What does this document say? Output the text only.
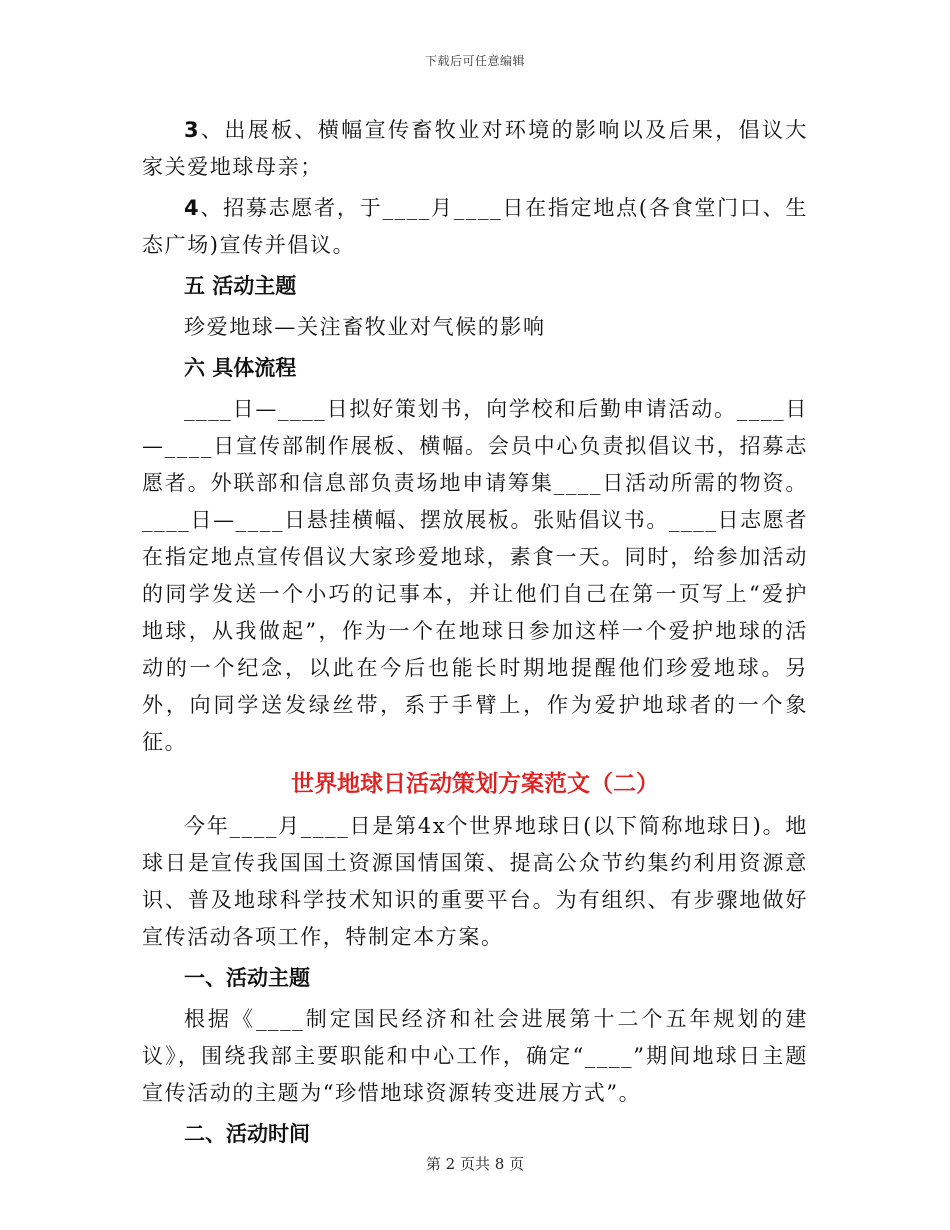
下载后可任意编辑

3、出展板、横幅宣传畜牧业对环境的影响以及后果，倡议大家关爱地球母亲；

4、招募志愿者，于____月____日在指定地点(各食堂门口、生态广场)宣传并倡议。

五 活动主题

珍爱地球—关注畜牧业对气候的影响

六 具体流程

____日—____日拟好策划书，向学校和后勤申请活动。____日—____日宣传部制作展板、横幅。会员中心负责拟倡议书，招募志愿者。外联部和信息部负责场地申请筹集____日活动所需的物资。____日—____日悬挂横幅、摆放展板。张贴倡议书。____日志愿者在指定地点宣传倡议大家珍爱地球，素食一天。同时，给参加活动的同学发送一个小巧的记事本，并让他们自己在第一页写上“爱护地球，从我做起”，作为一个在地球日参加这样一个爱护地球的活动的一个纪念，以此在今后也能长时期地提醒他们珍爱地球。另外，向同学送发绿丝带，系于手臂上，作为爱护地球者的一个象征。

世界地球日活动策划方案范文（二）

今年____月____日是第4x个世界地球日(以下简称地球日)。地球日是宣传我国国土资源国情国策、提高公众节约集约利用资源意识、普及地球科学技术知识的重要平台。为有组织、有步骤地做好宣传活动各项工作，特制定本方案。

一、活动主题

根据《____制定国民经济和社会进展第十二个五年规划的建议》，围绕我部主要职能和中心工作，确定“____”期间地球日主题宣传活动的主题为“珍惜地球资源转变进展方式”。

二、活动时间

第 2 页共 8 页
